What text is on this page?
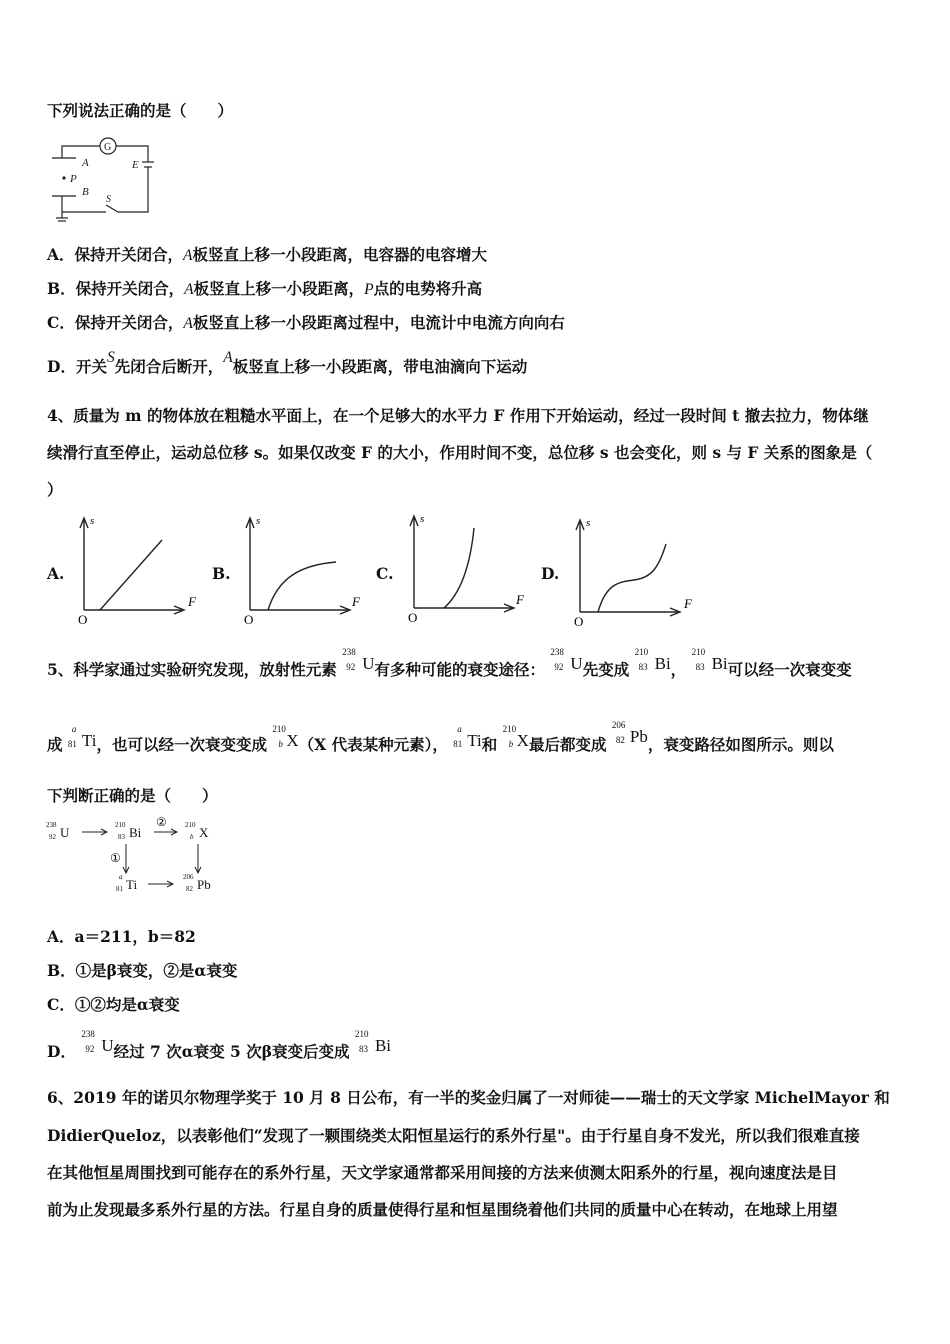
下列说法正确的是（　　）
G
A
P
B
E
S
A．保持开关闭合，A板竖直上移一小段距离，电容器的电容增大
B．保持开关闭合，A板竖直上移一小段距离，P点的电势将升高
C．保持开关闭合，A板竖直上移一小段距离过程中，电流计中电流方向向右
D．开关S先闭合后断开，A板竖直上移一小段距离，带电油滴向下运动
4、质量为 m 的物体放在粗糙水平面上，在一个足够大的水平力 F 作用下开始运动，经过一段时间 t 撤去拉力，物体继
续滑行直至停止，运动总位移 s。如果仅改变 F 的大小，作用时间不变，总位移 s 也会变化，则 s 与 F 关系的图象是（
）
A.	B.	C.	D.
s
F
O
s
F
O
s
F
O
s
F
O
5、科学家通过实验研究发现，放射性元素
238
92 U有多种可能的衰变途径：
238
92 U先变成
210
83 Bi，
210
83 Bi可以经一次衰变变
成
a
81 Ti，也可以经一次衰变变成
210
b X（X 代表某种元素），
a
81 Ti和
210
b X最后都变成
206
82 Pb，衰变路径如图所示。则以
下判断正确的是（　　）
238
92 U	210
83 Bi	210
b X
a
81 Ti	206
82 Pb
②
①
A．a＝211，b＝82
B．①是β衰变，②是α衰变
C．①②均是α衰变
D．
238
92 U经过 7 次α衰变 5 次β衰变后变成
210
83 Bi
6、2019 年的诺贝尔物理学奖于 10 月 8 日公布，有一半的奖金归属了一对师徒——瑞士的天文学家 MichelMayor 和
DidierQueloz，以表彰他们“发现了一颗围绕类太阳恒星运行的系外行星"。由于行星自身不发光，所以我们很难直接
在其他恒星周围找到可能存在的系外行星，天文学家通常都采用间接的方法来侦测太阳系外的行星，视向速度法是目
前为止发现最多系外行星的方法。行星自身的质量使得行星和恒星围绕着他们共同的质量中心在转动，在地球上用望
